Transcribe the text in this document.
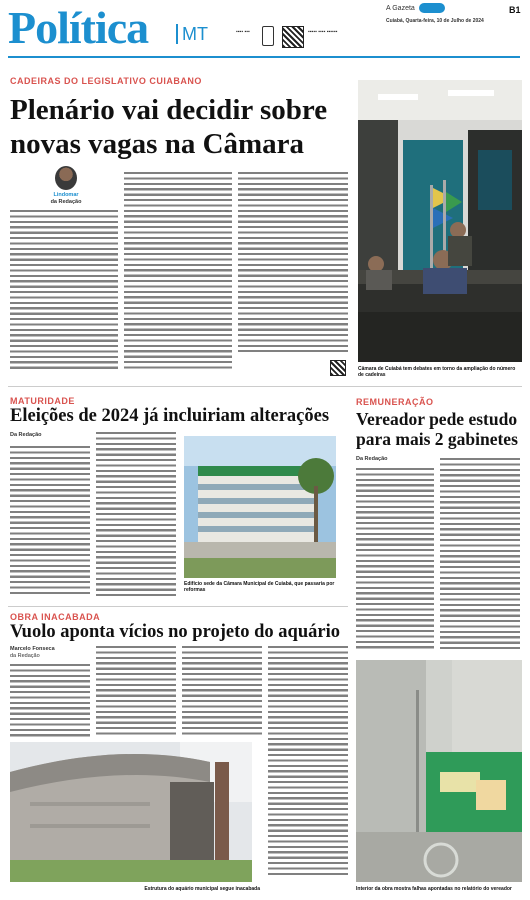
Política	MT	▪▪▪▪ ▪▪▪	▪▪▪▪▪ ▪▪▪▪ ▪▪▪▪▪▪
A Gazeta
Cuiabá, Quarta-feira, 10 de Julho de 2024
B1
CADEIRAS DO LEGISLATIVO CUIABANO
Plenário vai decidir sobre
novas vagas na Câmara
Lindomar
da Redação
Câmara de Cuiabá tem debates em torno da ampliação do número de cadeiras
MATURIDADE
Eleições de 2024 já incluiriam alterações
Da Redação
Edifício sede da Câmara Municipal de Cuiabá, que passaria por reformas
REMUNERAÇÃO
Vereador pede estudo
para mais 2 gabinetes
Da Redação
OBRA INACABADA
Vuolo aponta vícios no projeto do aquário
Marcelo Fonseca
da Redação
Estrutura do aquário municipal segue inacabada	Interior da obra mostra falhas apontadas no relatório do vereador
